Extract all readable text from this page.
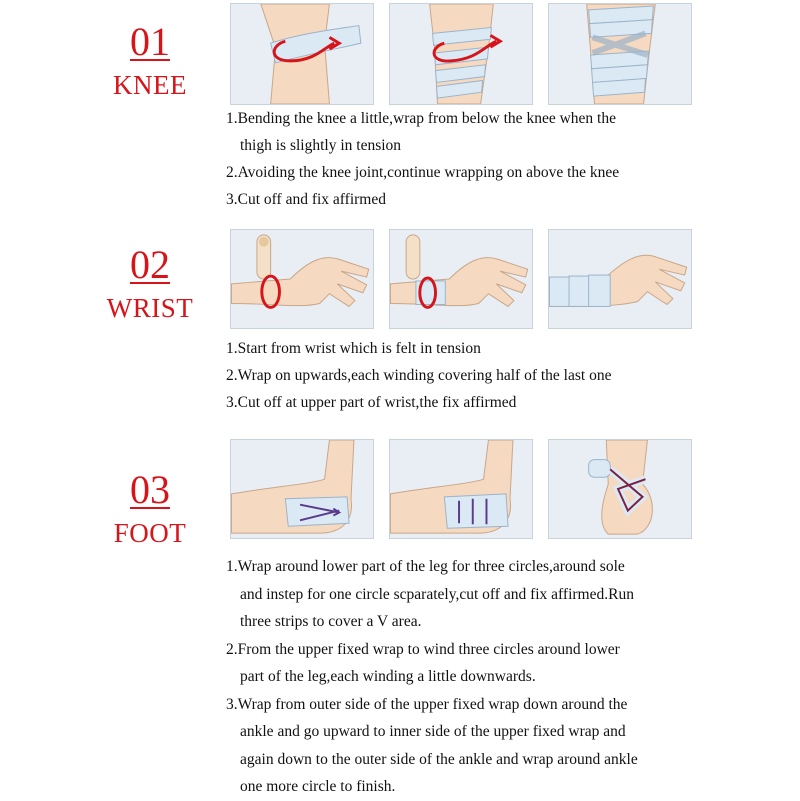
01
KNEE
1.Bending the knee a little,wrap from below the knee when the
thigh is slightly in tension
2.Avoiding the knee joint,continue wrapping on above the knee
3.Cut off and fix affirmed
02
WRIST
1.Start from wrist which is felt in tension
2.Wrap on upwards,each winding covering half of the last one
3.Cut off at upper part of wrist,the fix affirmed
03
FOOT
1.Wrap around lower part of the leg for three circles,around sole
and instep for one circle scparately,cut off and fix affirmed.Run
three strips to cover a V area.
2.From the upper fixed wrap to wind three circles around lower
part of the leg,each winding a little downwards.
3.Wrap from outer side of the upper fixed wrap down around the
ankle and go upward to inner side of the upper fixed wrap and
again down to the outer side of the ankle and wrap around ankle
one more circle to finish.
